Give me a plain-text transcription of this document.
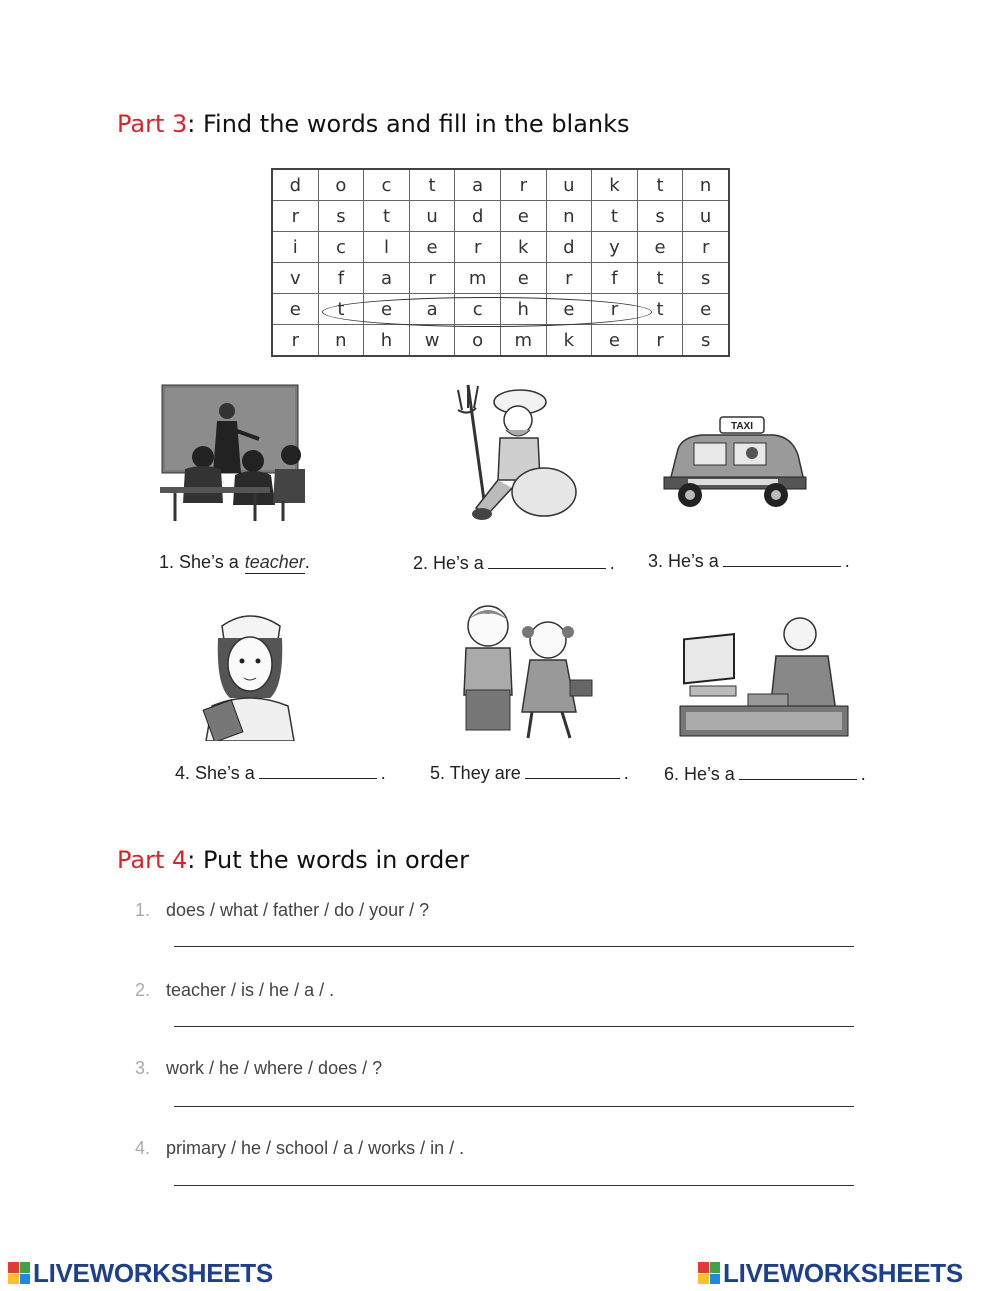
Part 3: Find the words and fill in the blanks
d	o	c	t	a	r	u	k	t	n
r	s	t	u	d	e	n	t	s	u
i	c	l	e	r	k	d	y	e	r
v	f	a	r	m	e	r	f	t	s
e	t	e	a	c	h	e	r	t	e
r	n	h	w	o	m	k	e	r	s
TAXI
1. She’s a teacher.	2. He’s a	. 3. He’s a	.
4. She’s a	. 5. They are	. 6. He’s a	.
Part 4: Put the words in order
1. does / what / father / do / your / ?
2. teacher / is / he / a / .
3. work / he / where / does / ?
4. primary / he / school / a / works / in / .
LIVEWORKSHEETS	LIVEWORKSHEETS
